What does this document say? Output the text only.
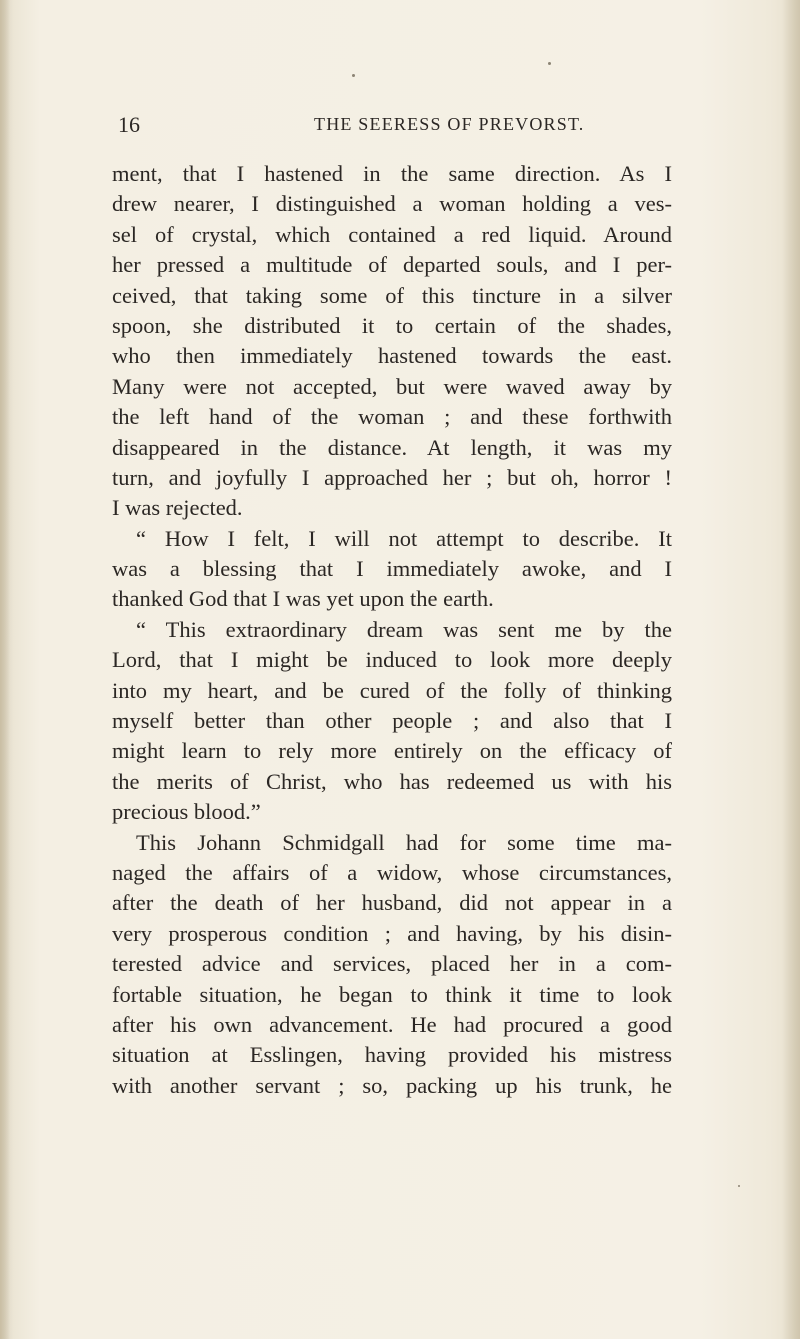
16	THE SEERESS OF PREVORST.
ment, that I hastened in the same direction. As I
drew nearer, I distinguished a woman holding a ves-
sel of crystal, which contained a red liquid. Around
her pressed a multitude of departed souls, and I per-
ceived, that taking some of this tincture in a silver
spoon, she distributed it to certain of the shades,
who then immediately hastened towards the east.
Many were not accepted, but were waved away by
the left hand of the woman ; and these forthwith
disappeared in the distance. At length, it was my
turn, and joyfully I approached her ; but oh, horror !
I was rejected.
“ How I felt, I will not attempt to describe. It
was a blessing that I immediately awoke, and I
thanked God that I was yet upon the earth.
“ This extraordinary dream was sent me by the
Lord, that I might be induced to look more deeply
into my heart, and be cured of the folly of thinking
myself better than other people ; and also that I
might learn to rely more entirely on the efficacy of
the merits of Christ, who has redeemed us with his
precious blood.”
This Johann Schmidgall had for some time ma-
naged the affairs of a widow, whose circumstances,
after the death of her husband, did not appear in a
very prosperous condition ; and having, by his disin-
terested advice and services, placed her in a com-
fortable situation, he began to think it time to look
after his own advancement. He had procured a good
situation at Esslingen, having provided his mistress
with another servant ; so, packing up his trunk, he
